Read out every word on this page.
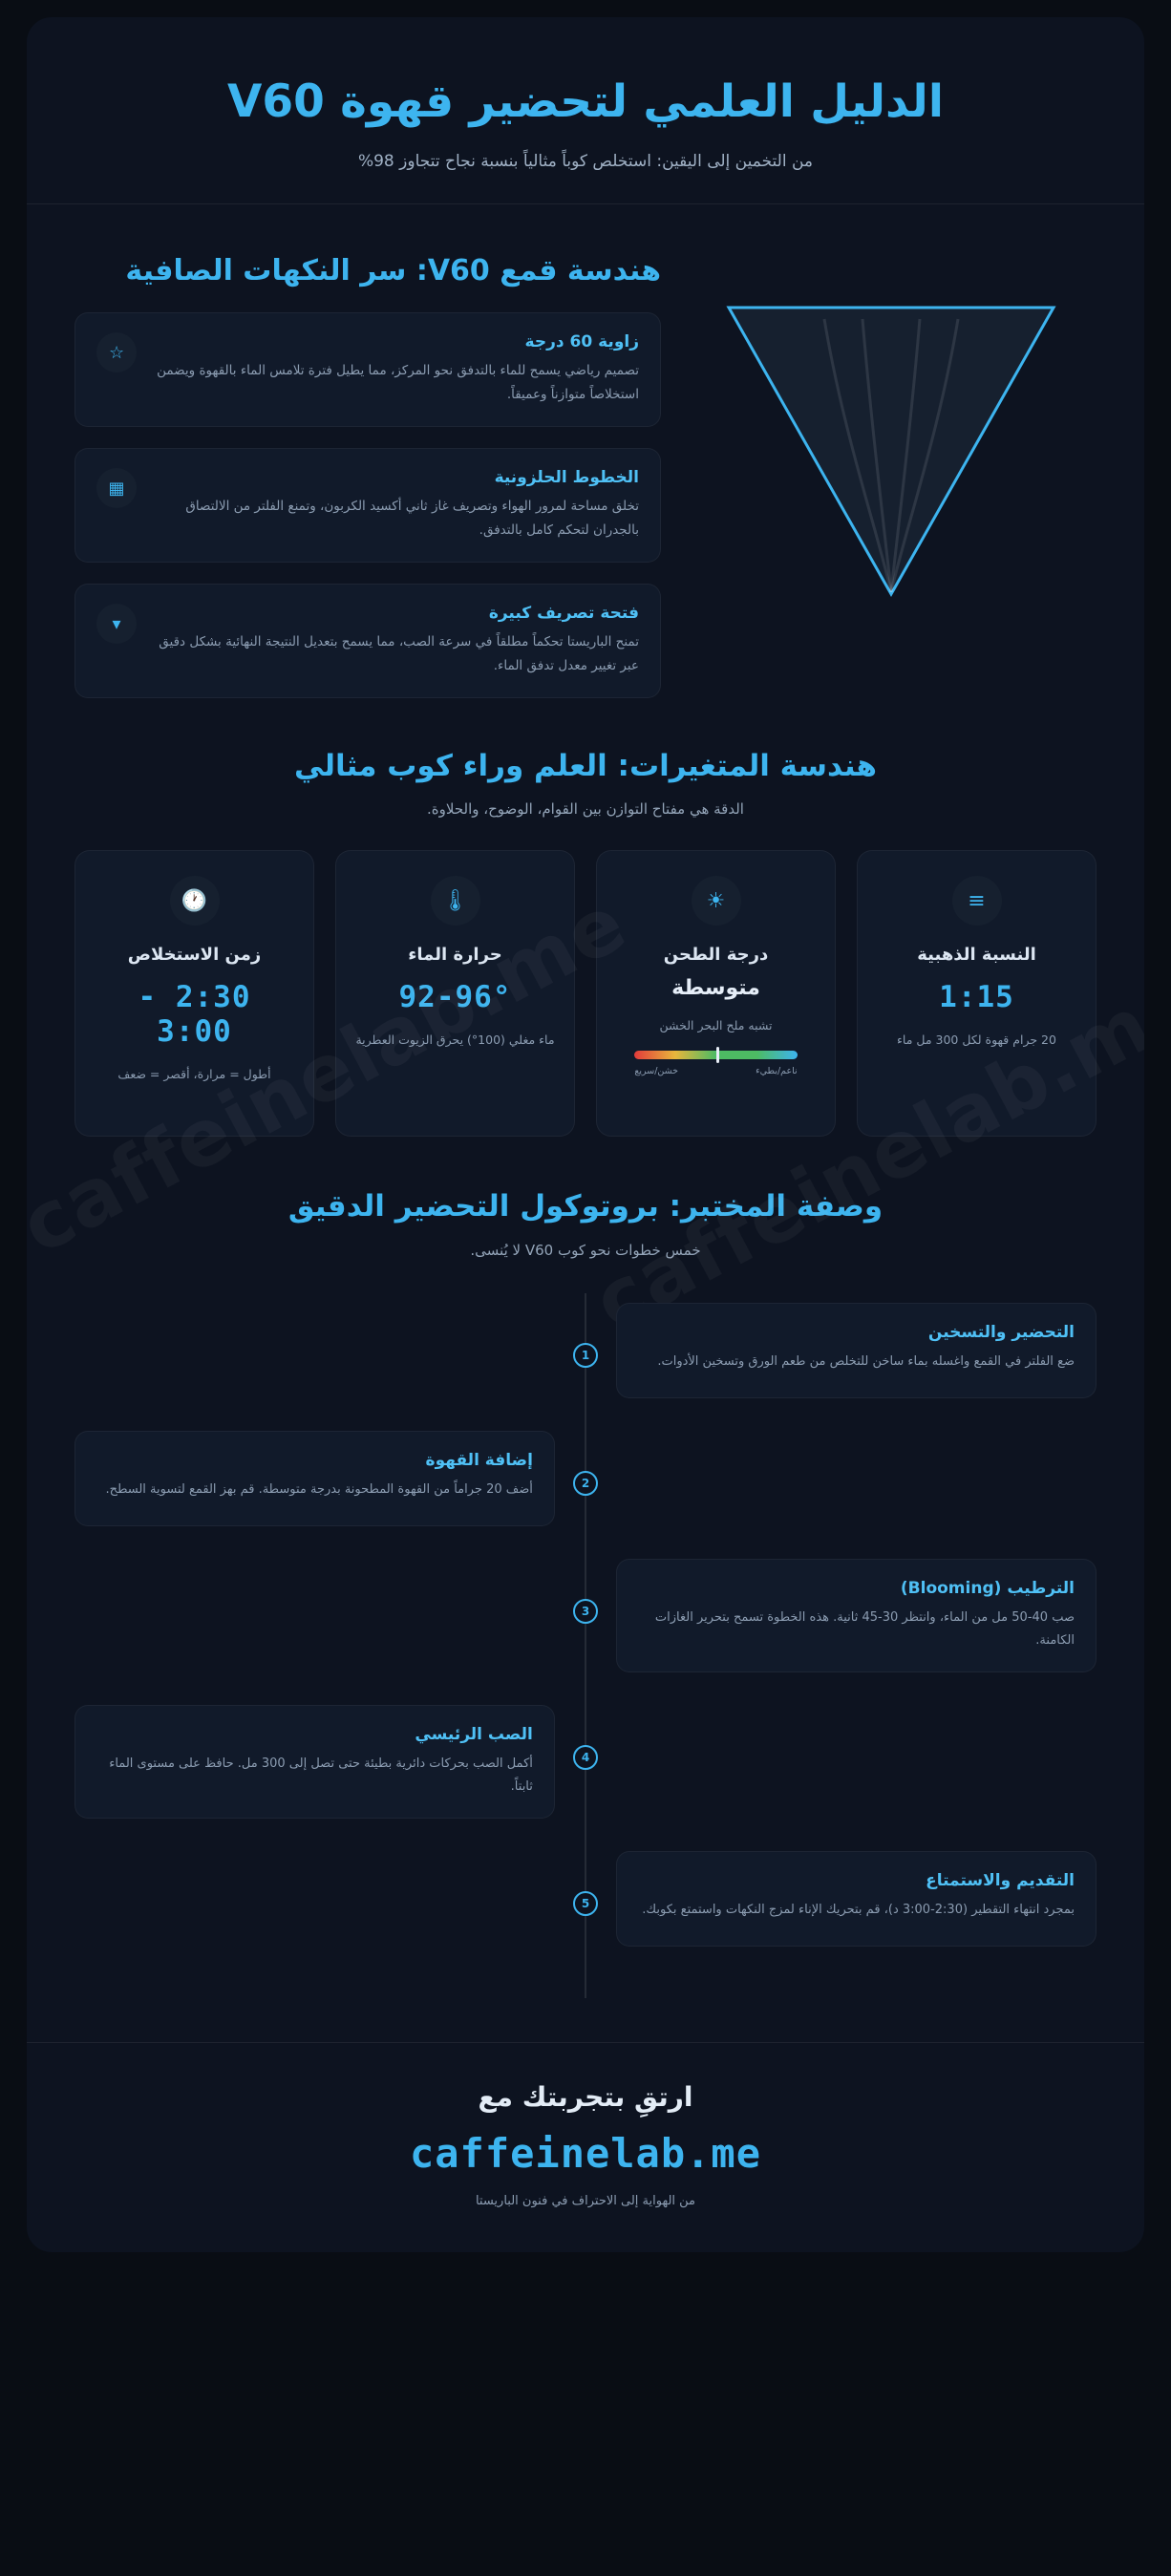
الدليل العلمي لتحضير قهوة V60
من التخمين إلى اليقين: استخلص كوباً مثالياً بنسبة نجاح تتجاوز 98%
هندسة قمع V60: سر النكهات الصافية
زاوية 60 درجة
تصميم رياضي يسمح للماء بالتدفق نحو المركز، مما يطيل فترة تلامس الماء بالقهوة ويضمن استخلاصاً متوازناً وعميقاً.
☆
الخطوط الحلزونية
تخلق مساحة لمرور الهواء وتصريف غاز ثاني أكسيد الكربون، وتمنع الفلتر من الالتصاق بالجدران لتحكم كامل بالتدفق.
▦
فتحة تصريف كبيرة
تمنح الباريستا تحكماً مطلقاً في سرعة الصب، مما يسمح بتعديل النتيجة النهائية بشكل دقيق عبر تغيير معدل تدفق الماء.
▾
هندسة المتغيرات: العلم وراء كوب مثالي
الدقة هي مفتاح التوازن بين القوام، الوضوح، والحلاوة.
≡
النسبة الذهبية
1:15
20 جرام قهوة لكل 300 مل ماء
☀
درجة الطحن
متوسطة
تشبه ملح البحر الخشن
ناعم/بطيء
خشن/سريع
🌡
حرارة الماء
92-96°
ماء مغلي (100°) يحرق الزيوت العطرية
🕐
زمن الاستخلاص
2:30 - 3:00
أطول = مرارة، أقصر = ضعف
وصفة المختبر: بروتوكول التحضير الدقيق
خمس خطوات نحو كوب V60 لا يُنسى.
التحضير والتسخين
ضع الفلتر في القمع واغسله بماء ساخن للتخلص من طعم الورق وتسخين الأدوات.
1
إضافة القهوة
أضف 20 جراماً من القهوة المطحونة بدرجة متوسطة. قم بهز القمع لتسوية السطح.	2
الترطيب (Blooming)
صب 40-50 مل من الماء، وانتظر 30-45 ثانية. هذه الخطوة تسمح بتحرير الغازات الكامنة.
3
الصب الرئيسي
أكمل الصب بحركات دائرية بطيئة حتى تصل إلى 300 مل. حافظ على مستوى الماء ثابتاً.
4
التقديم والاستمتاع
بمجرد انتهاء التقطير (2:30-3:00 د)، قم بتحريك الإناء لمزج النكهات واستمتع بكوبك.
5
ارتقِ بتجربتك مع
caffeinelab.me
من الهواية إلى الاحتراف في فنون الباريستا
